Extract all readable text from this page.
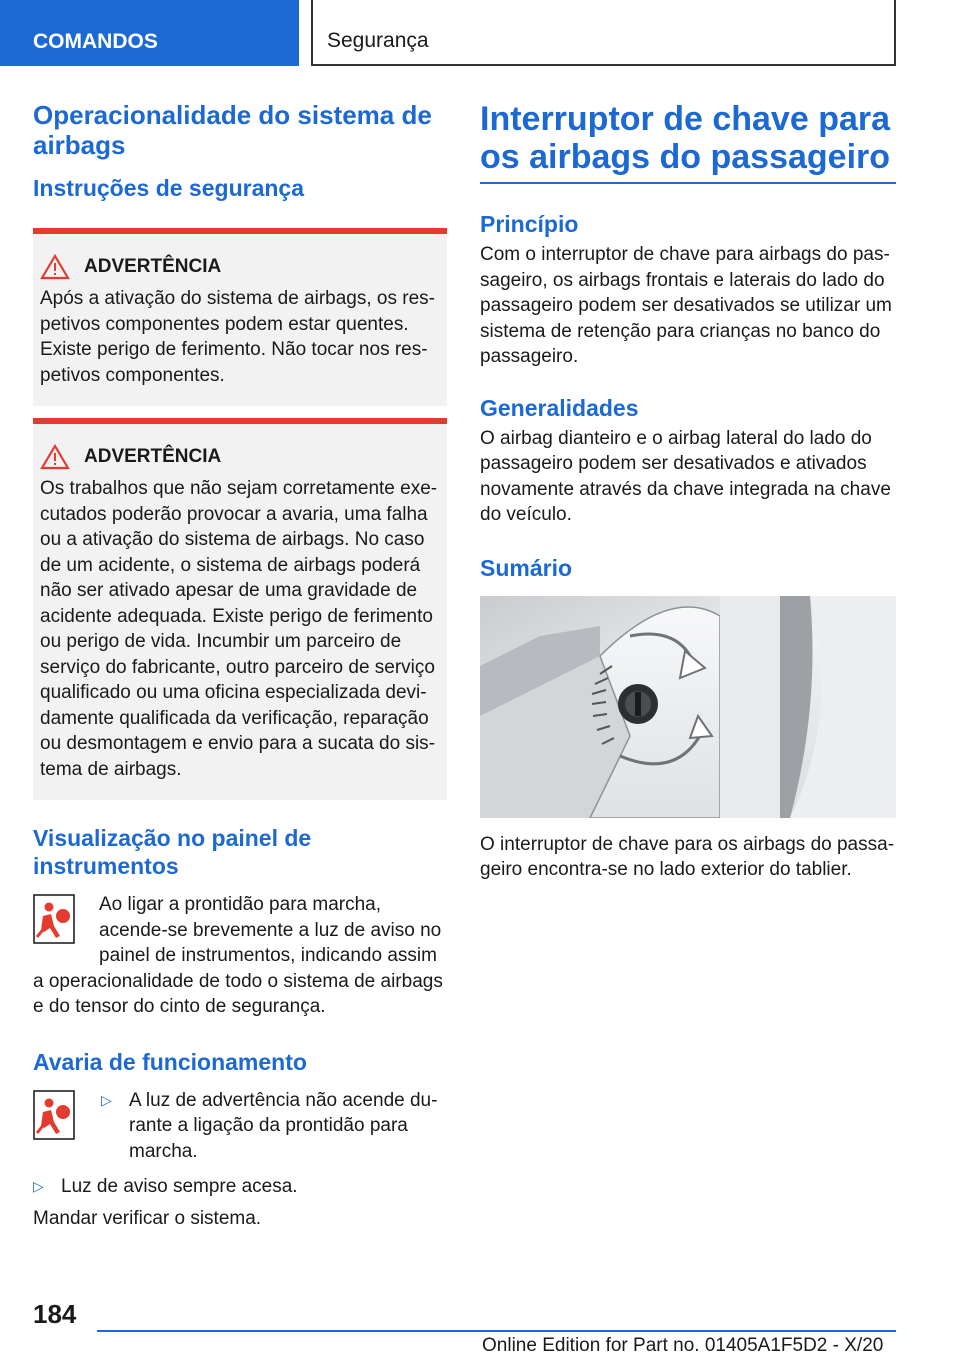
COMANDOS	Segurança
Operacionalidade do sistema de airbags
Instruções de segurança
ADVERTÊNCIA
Após a ativação do sistema de airbags, os respetivos componentes podem estar quentes. Existe perigo de ferimento. Não tocar nos respetivos componentes.
ADVERTÊNCIA
Os trabalhos que não sejam corretamente executados poderão provocar a avaria, uma falha ou a ativação do sistema de airbags. No caso de um acidente, o sistema de airbags poderá não ser ativado apesar de uma gravidade de acidente adequada. Existe perigo de ferimento ou perigo de vida. Incumbir um parceiro de serviço do fabricante, outro parceiro de serviço qualificado ou uma oficina especializada devidamente qualificada da verificação, reparação ou desmontagem e envio para a sucata do sistema de airbags.
Visualização no painel de instrumentos
Ao ligar a prontidão para marcha, acende-se brevemente a luz de aviso no painel de instrumentos, indicando assim
a operacionalidade de todo o sistema de airbags e do tensor do cinto de segurança.
Avaria de funcionamento
▷ A luz de advertência não acende durante a ligação da prontidão para marcha.
▷ Luz de aviso sempre acesa.
Mandar verificar o sistema.
Interruptor de chave para os airbags do passageiro
Princípio
Com o interruptor de chave para airbags do passageiro, os airbags frontais e laterais do lado do passageiro podem ser desativados se utilizar um sistema de retenção para crianças no banco do passageiro.
Generalidades
O airbag dianteiro e o airbag lateral do lado do passageiro podem ser desativados e ativados novamente através da chave integrada na chave do veículo.
Sumário
O interruptor de chave para os airbags do passageiro encontra-se no lado exterior do tablier.
184
Online Edition for Part no. 01405A1F5D2 - X/20
